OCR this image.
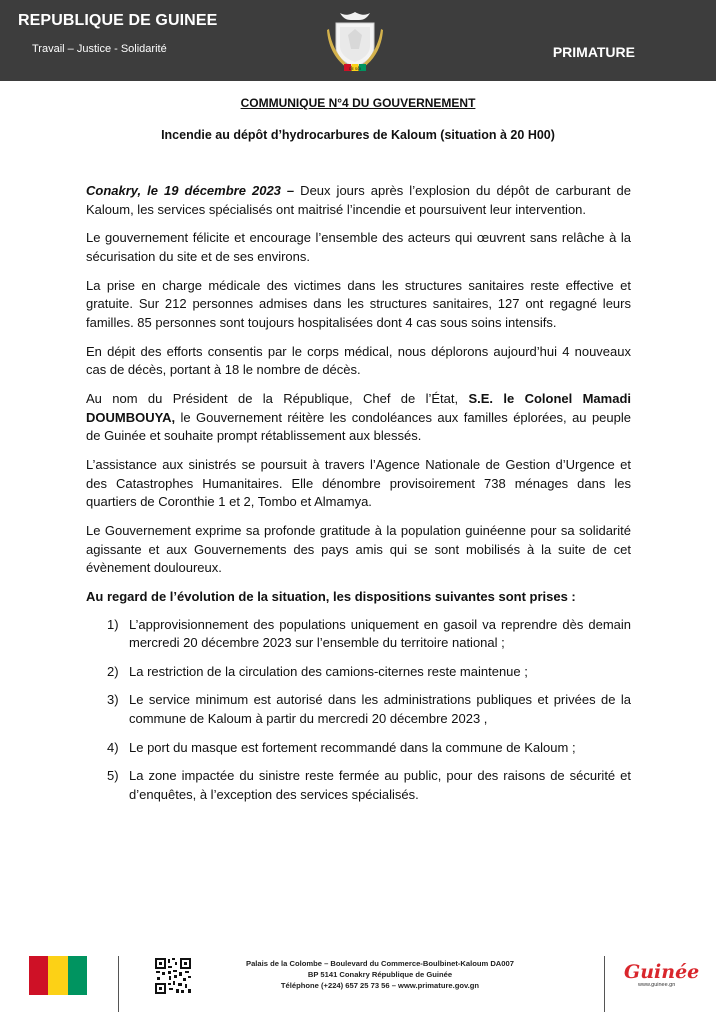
REPUBLIQUE DE GUINEE
Travail – Justice - Solidarité	PRIMATURE
DE SOI
COMMUNIQUE N°4 DU GOUVERNEMENT
Incendie au dépôt d’hydrocarbures de Kaloum (situation à 20 H00)

Conakry, le 19 décembre 2023 – Deux jours après l’explosion du dépôt de carburant de Kaloum, les services spécialisés ont maitrisé l’incendie et poursuivent leur intervention.

Le gouvernement félicite et encourage l’ensemble des acteurs qui œuvrent sans relâche à la sécurisation du site et de ses environs.

La prise en charge médicale des victimes dans les structures sanitaires reste effective et gratuite. Sur 212 personnes admises dans les structures sanitaires, 127 ont regagné leurs familles. 85 personnes sont toujours hospitalisées dont 4 cas sous soins intensifs.

En dépit des efforts consentis par le corps médical, nous déplorons aujourd’hui 4 nouveaux cas de décès, portant à 18 le nombre de décès.

Au nom du Président de la République, Chef de l’État, S.E. le Colonel Mamadi DOUMBOUYA, le Gouvernement réitère les condoléances aux familles éplorées, au peuple de Guinée et souhaite prompt rétablissement aux blessés.

L’assistance aux sinistrés se poursuit à travers l’Agence Nationale de Gestion d’Urgence et des Catastrophes Humanitaires. Elle dénombre provisoirement 738 ménages dans les quartiers de Coronthie 1 et 2, Tombo et Almamya.

Le Gouvernement exprime sa profonde gratitude à la population guinéenne pour sa solidarité agissante et aux Gouvernements des pays amis qui se sont mobilisés à la suite de cet évènement douloureux.

Au regard de l’évolution de la situation, les dispositions suivantes sont prises :

1) L’approvisionnement des populations uniquement en gasoil va reprendre dès demain mercredi 20 décembre 2023 sur l’ensemble du territoire national ;
2) La restriction de la circulation des camions-citernes reste maintenue ;
3) Le service minimum est autorisé dans les administrations publiques et privées de la commune de Kaloum à partir du mercredi 20 décembre 2023 ,
4) Le port du masque est fortement recommandé dans la commune de Kaloum ;
5) La zone impactée du sinistre reste fermée au public, pour des raisons de sécurité et d’enquêtes, à l’exception des services spécialisés.
Palais de la Colombe – Boulevard du Commerce-Boulbinet-Kaloum DA007
BP 5141 Conakry République de Guinée
Téléphone (+224) 657 25 73 56 – www.primature.gov.gn
Guinée
www.guinee.gn
